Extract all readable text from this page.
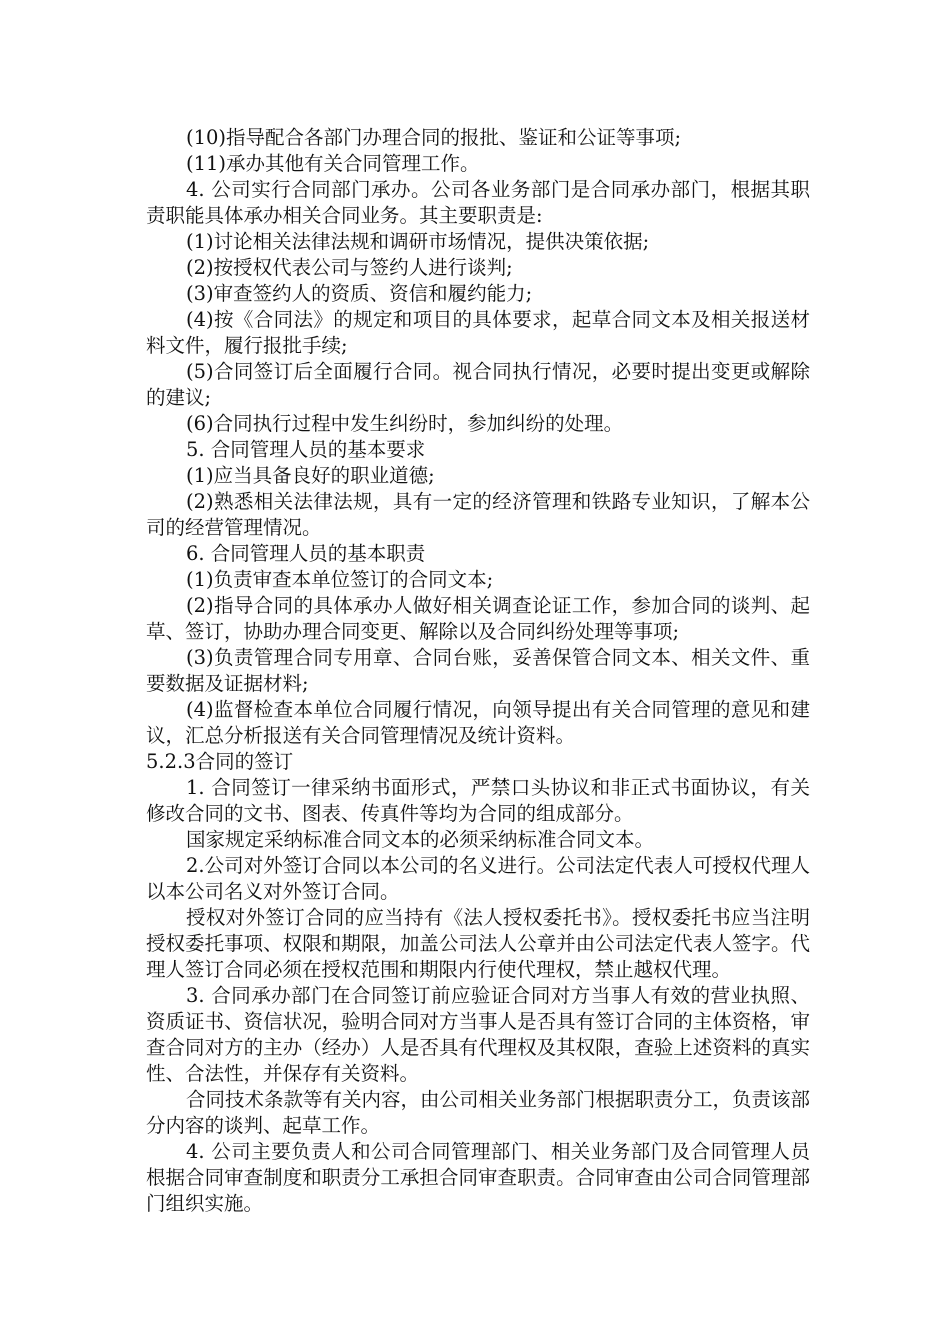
(10)指导配合各部门办理合同的报批、鉴证和公证等事项;

(11)承办其他有关合同管理工作。

4. 公司实行合同部门承办。公司各业务部门是合同承办部门，根据其职责职能具体承办相关合同业务。其主要职责是:

(1)讨论相关法律法规和调研市场情况，提供决策依据;

(2)按授权代表公司与签约人进行谈判;

(3)审查签约人的资质、资信和履约能力;

(4)按《合同法》的规定和项目的具体要求，起草合同文本及相关报送材料文件，履行报批手续;

(5)合同签订后全面履行合同。视合同执行情况，必要时提出变更或解除的建议;

(6)合同执行过程中发生纠纷时，参加纠纷的处理。

5. 合同管理人员的基本要求

(1)应当具备良好的职业道德;

(2)熟悉相关法律法规，具有一定的经济管理和铁路专业知识，了解本公司的经营管理情况。

6. 合同管理人员的基本职责

(1)负责审查本单位签订的合同文本;

(2)指导合同的具体承办人做好相关调查论证工作，参加合同的谈判、起草、签订，协助办理合同变更、解除以及合同纠纷处理等事项;

(3)负责管理合同专用章、合同台账，妥善保管合同文本、相关文件、重要数据及证据材料;

(4)监督检查本单位合同履行情况，向领导提出有关合同管理的意见和建议，汇总分析报送有关合同管理情况及统计资料。

5.2.3合同的签订

1. 合同签订一律采纳书面形式，严禁口头协议和非正式书面协议，有关修改合同的文书、图表、传真件等均为合同的组成部分。

国家规定采纳标准合同文本的必须采纳标准合同文本。

2.公司对外签订合同以本公司的名义进行。公司法定代表人可授权代理人以本公司名义对外签订合同。

授权对外签订合同的应当持有《法人授权委托书》。授权委托书应当注明授权委托事项、权限和期限，加盖公司法人公章并由公司法定代表人签字。代理人签订合同必须在授权范围和期限内行使代理权，禁止越权代理。

3. 合同承办部门在合同签订前应验证合同对方当事人有效的营业执照、资质证书、资信状况，验明合同对方当事人是否具有签订合同的主体资格，审查合同对方的主办（经办）人是否具有代理权及其权限，查验上述资料的真实性、合法性，并保存有关资料。

合同技术条款等有关内容，由公司相关业务部门根据职责分工，负责该部分内容的谈判、起草工作。

4. 公司主要负责人和公司合同管理部门、相关业务部门及合同管理人员根据合同审查制度和职责分工承担合同审查职责。合同审查由公司合同管理部门组织实施。
